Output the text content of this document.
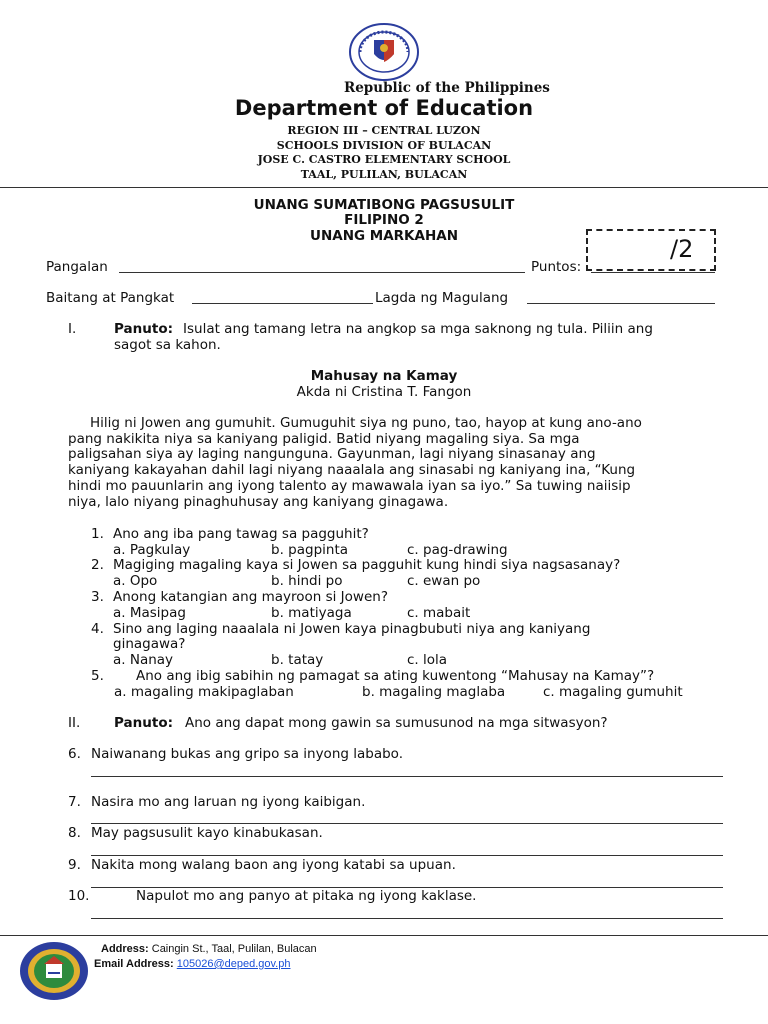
Republic of the Philippines
Department of Education
REGION III – CENTRAL LUZON
SCHOOLS DIVISION OF BULACAN
JOSE C. CASTRO ELEMENTARY SCHOOL
TAAL, PULILAN, BULACAN
UNANG SUMATIBONG PAGSUSULIT
FILIPINO 2
UNANG MARKAHAN	/2
Pangalan	Puntos:
Baitang at Pangkat	Lagda ng Magulang
I.	Panuto: Isulat ang tamang letra na angkop sa mga saknong ng tula. Piliin ang
sagot sa kahon.
Mahusay na Kamay
Akda ni Cristina T. Fangon
Hilig ni Jowen ang gumuhit. Gumuguhit siya ng puno, tao, hayop at kung ano-ano
pang nakikita niya sa kaniyang paligid. Batid niyang magaling siya. Sa mga
paligsahan siya ay laging nangunguna. Gayunman, lagi niyang sinasanay ang
kaniyang kakayahan dahil lagi niyang naaalala ang sinasabi ng kaniyang ina, “Kung
hindi mo pauunlarin ang iyong talento ay mawawala iyan sa iyo.” Sa tuwing naiisip
niya, lalo niyang pinaghuhusay ang kaniyang ginagawa.
1. Ano ang iba pang tawag sa pagguhit?
a. Pagkulay	b. pagpinta	c. pag-drawing
2. Magiging magaling kaya si Jowen sa pagguhit kung hindi siya nagsasanay?
a. Opo	b. hindi po	c. ewan po
3. Anong katangian ang mayroon si Jowen?
a. Masipag	b. matiyaga	c. mabait
4. Sino ang laging naaalala ni Jowen kaya pinagbubuti niya ang kaniyang
ginagawa?
a. Nanay	b. tatay	c. lola
5. Ano ang ibig sabihin ng pamagat sa ating kuwentong “Mahusay na Kamay”?
a. magaling makipaglaban	b. magaling maglaba	c. magaling gumuhit
II. Panuto: Ano ang dapat mong gawin sa sumusunod na mga sitwasyon?
6. Naiwanang bukas ang gripo sa inyong lababo.
7. Nasira mo ang laruan ng iyong kaibigan.
8. May pagsusulit kayo kinabukasan.
9. Nakita mong walang baon ang iyong katabi sa upuan.
10.	Napulot mo ang panyo at pitaka ng iyong kaklase.
Address: Caingin St., Taal, Pulilan, Bulacan
Email Address: 105026@deped.gov.ph
